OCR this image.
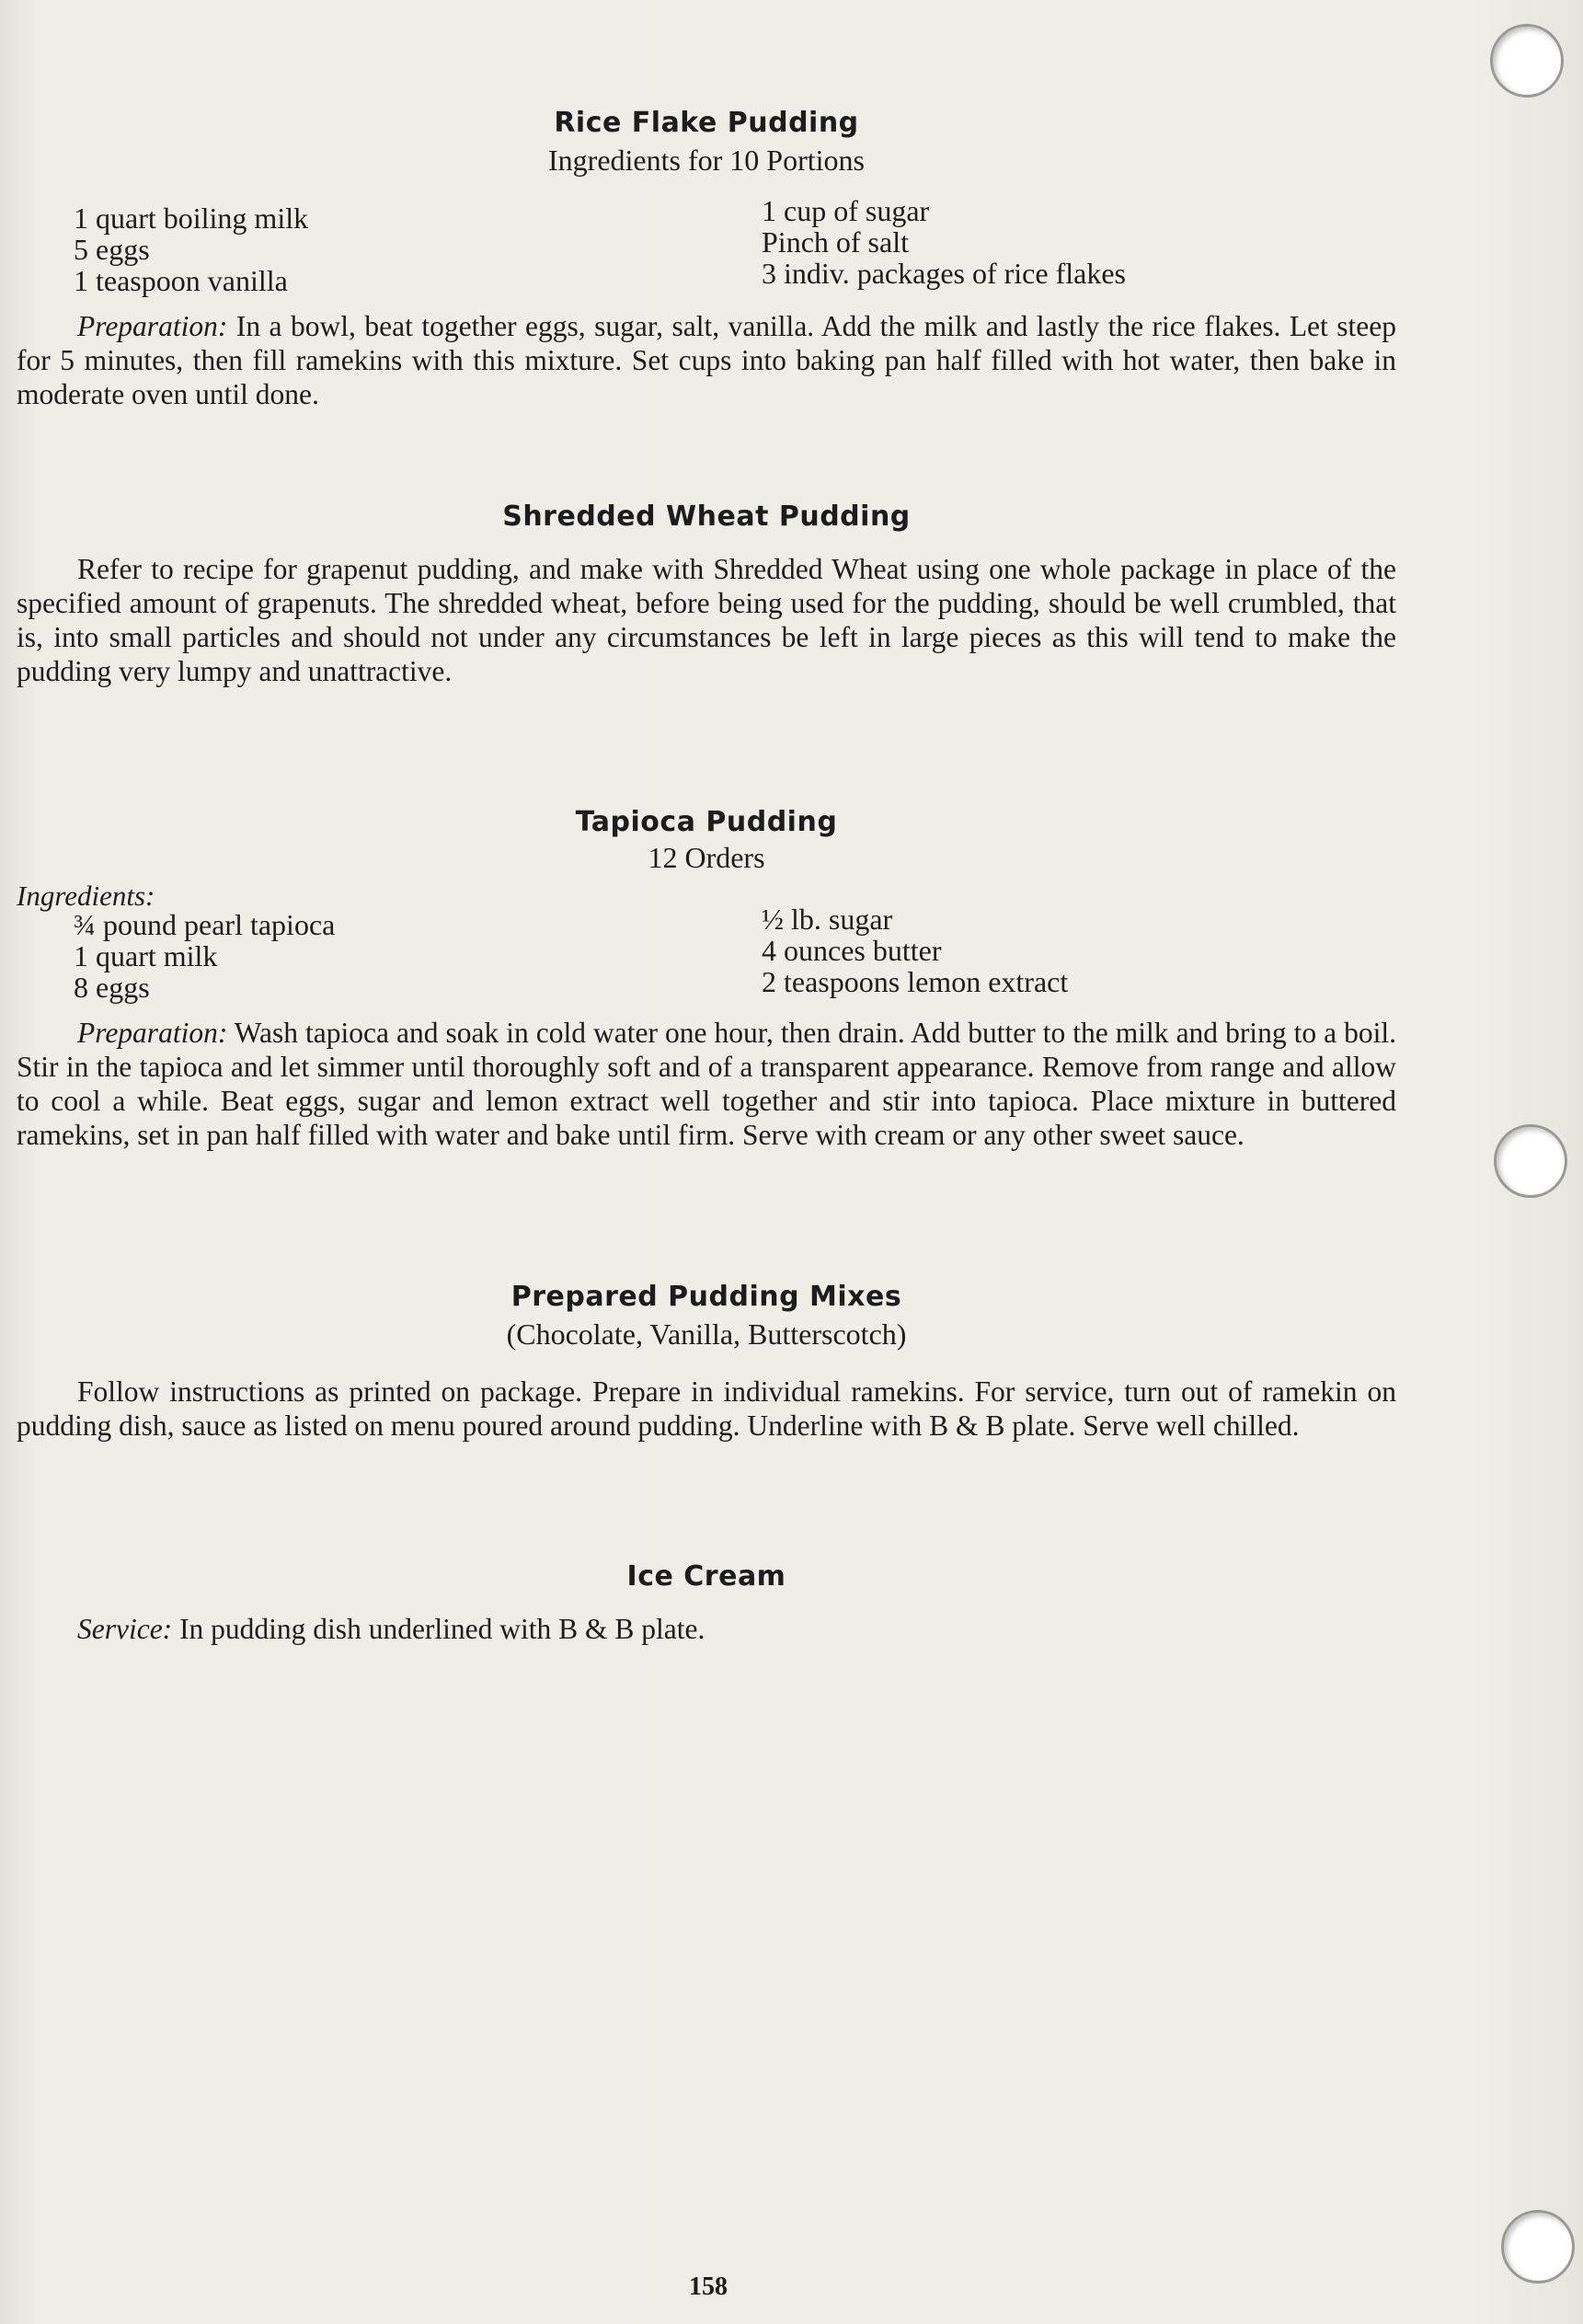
Rice Flake Pudding
Ingredients for 10 Portions
1 quart boiling milk
5 eggs
1 teaspoon vanilla
1 cup of sugar
Pinch of salt
3 indiv. packages of rice flakes
Preparation: In a bowl, beat together eggs, sugar, salt, vanilla. Add the milk and lastly the rice flakes. Let steep for 5 minutes, then fill ramekins with this mixture. Set cups into baking pan half filled with hot water, then bake in moderate oven until done.
Shredded Wheat Pudding
Refer to recipe for grapenut pudding, and make with Shredded Wheat using one whole package in place of the specified amount of grapenuts. The shredded wheat, before being used for the pudding, should be well crumbled, that is, into small particles and should not under any circumstances be left in large pieces as this will tend to make the pudding very lumpy and unattractive.
Tapioca Pudding
12 Orders
Ingredients:
¾ pound pearl tapioca
1 quart milk
8 eggs
½ lb. sugar
4 ounces butter
2 teaspoons lemon extract
Preparation: Wash tapioca and soak in cold water one hour, then drain. Add butter to the milk and bring to a boil. Stir in the tapioca and let simmer until thoroughly soft and of a transparent appearance. Remove from range and allow to cool a while. Beat eggs, sugar and lemon extract well together and stir into tapioca. Place mixture in buttered ramekins, set in pan half filled with water and bake until firm. Serve with cream or any other sweet sauce.
Prepared Pudding Mixes
(Chocolate, Vanilla, Butterscotch)
Follow instructions as printed on package. Prepare in individual ramekins. For service, turn out of ramekin on pudding dish, sauce as listed on menu poured around pudding. Underline with B & B plate. Serve well chilled.
Ice Cream
Service: In pudding dish underlined with B & B plate.
158
